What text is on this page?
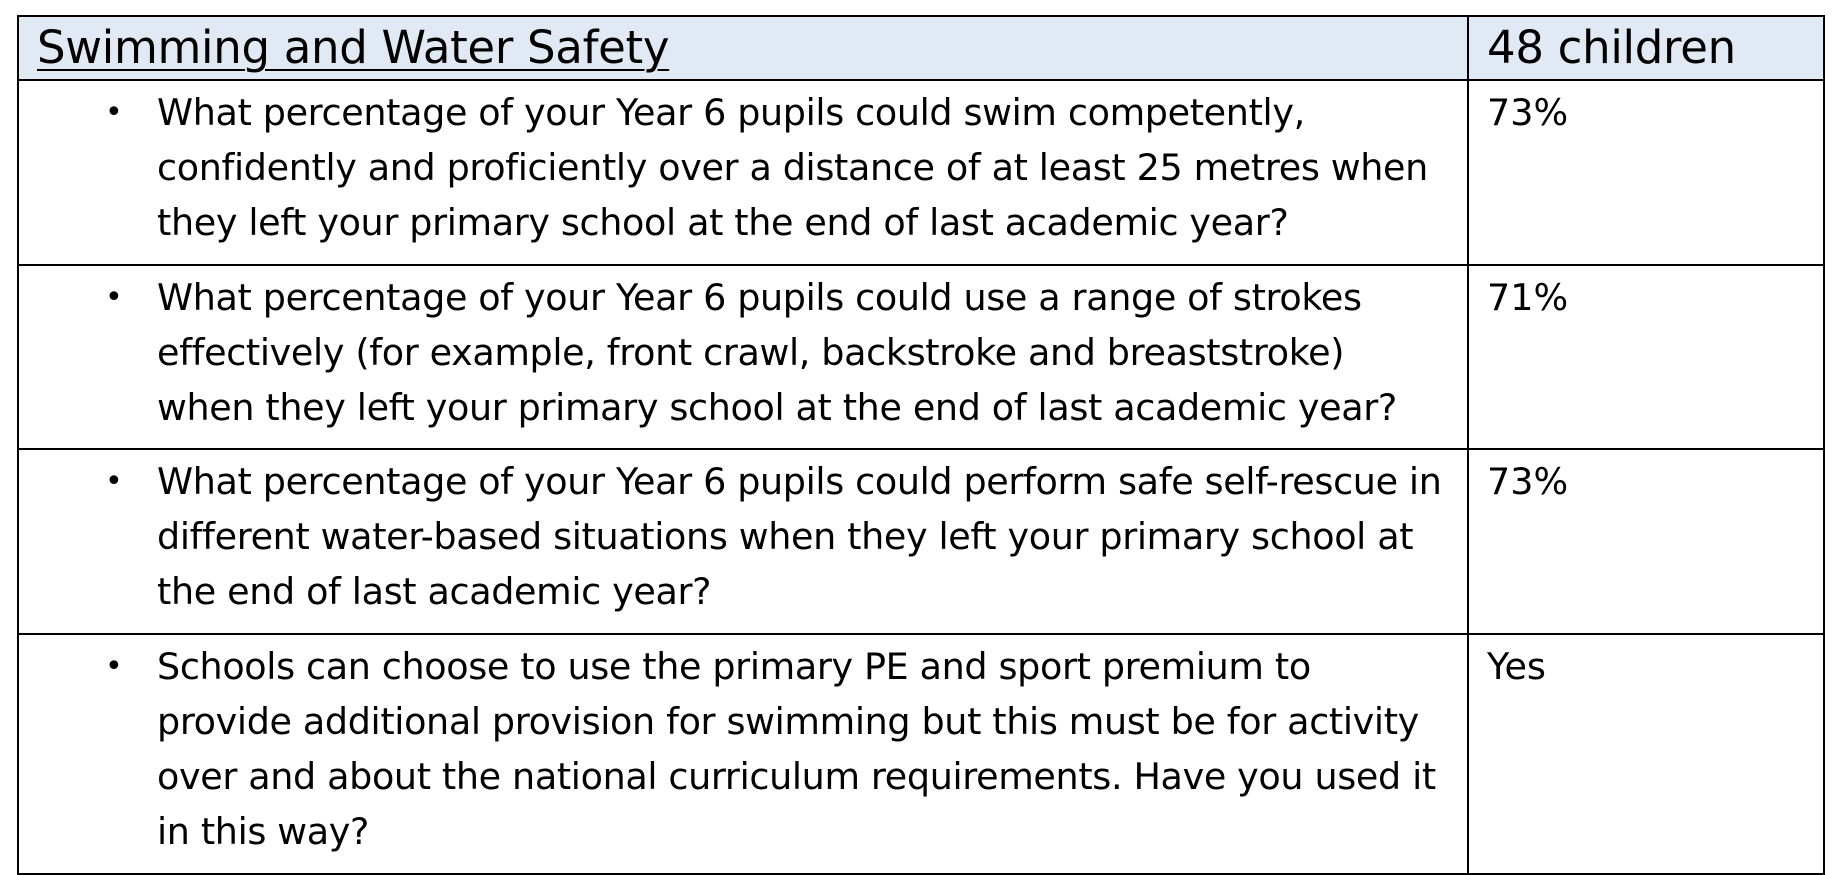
Swimming and Water Safety	48 children

• What percentage of your Year 6 pupils could swim competently, confidently and proficiently over a distance of at least 25 metres when they left your primary school at the end of last academic year?	73%

• What percentage of your Year 6 pupils could use a range of strokes effectively (for example, front crawl, backstroke and breaststroke) when they left your primary school at the end of last academic year?	71%

• What percentage of your Year 6 pupils could perform safe self-rescue in different water-based situations when they left your primary school at the end of last academic year?	73%

• Schools can choose to use the primary PE and sport premium to provide additional provision for swimming but this must be for activity over and about the national curriculum requirements. Have you used it in this way?	Yes
